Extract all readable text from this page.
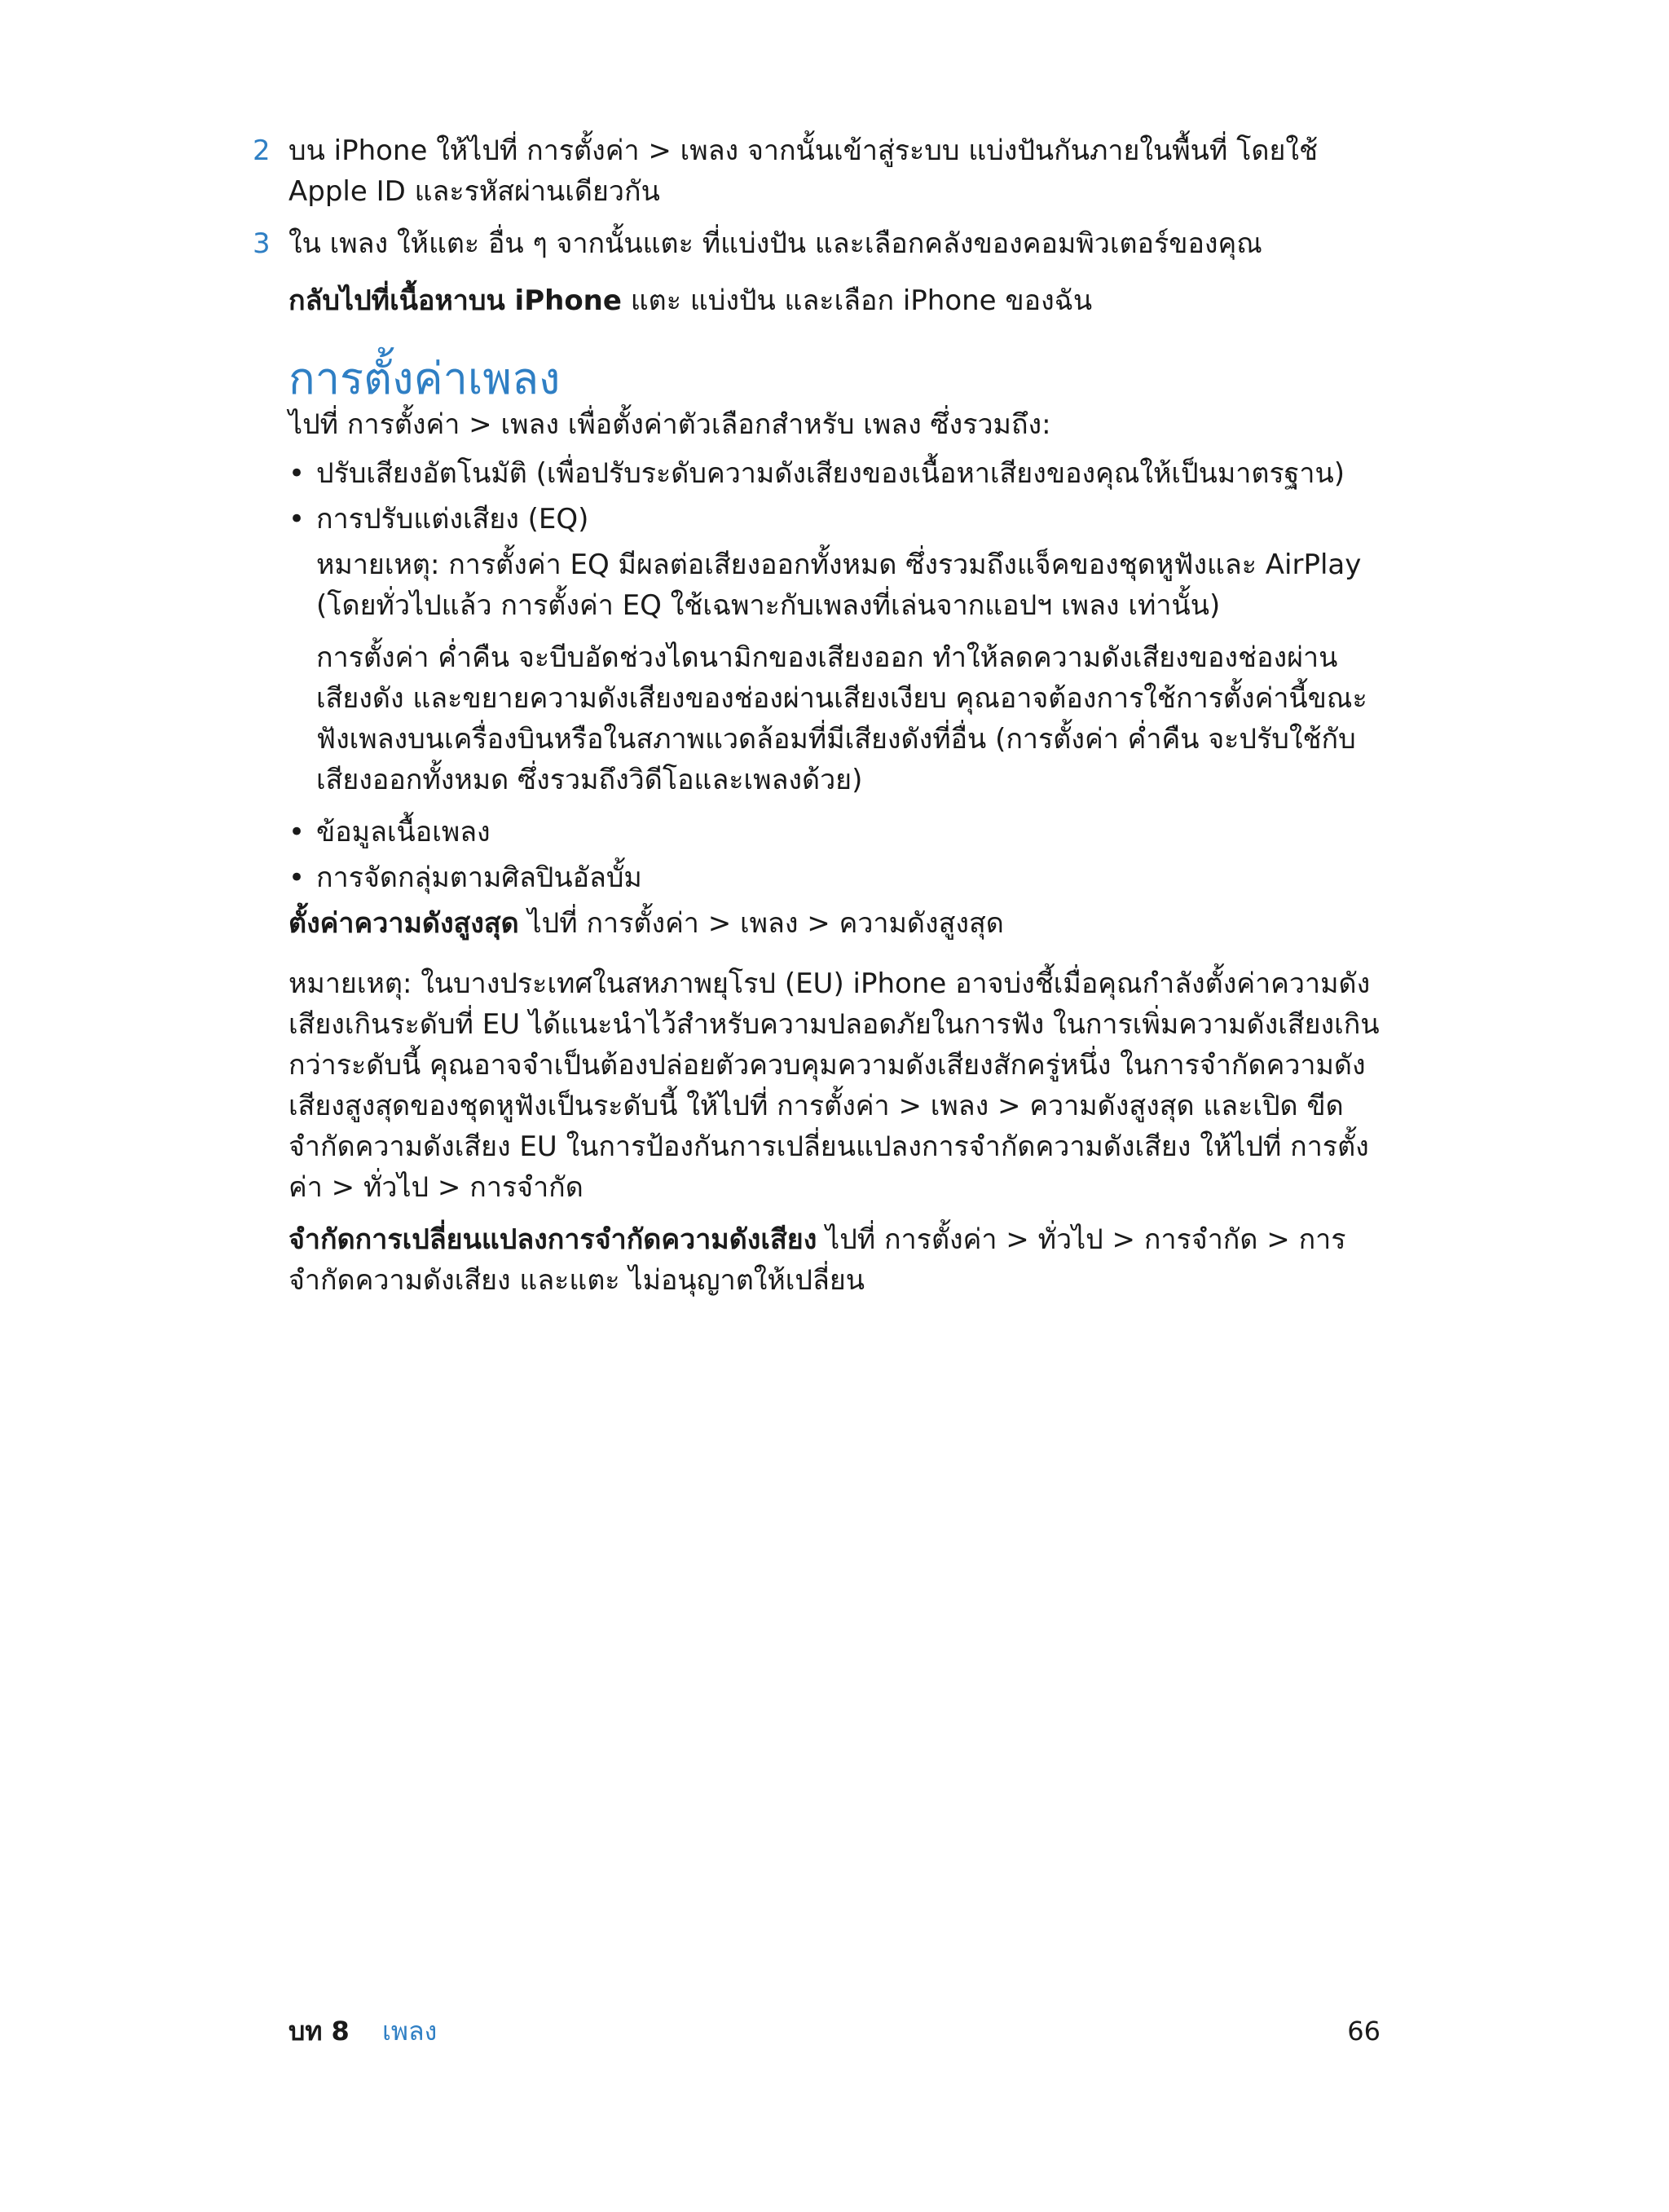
2 บน iPhone ให้ไปที่ การตั้งค่า > เพลง จากนั้นเข้าสู่ระบบ แบ่งปันกันภายในพื้นที่ โดยใช้ Apple ID และรหัสผ่านเดียวกัน
3 ใน เพลง ให้แตะ อื่น ๆ จากนั้นแตะ ที่แบ่งปัน และเลือกคลังของคอมพิวเตอร์ของคุณ
กลับไปที่เนื้อหาบน iPhone แตะ แบ่งปัน และเลือก iPhone ของฉัน
การตั้งค่าเพลง
ไปที่ การตั้งค่า > เพลง เพื่อตั้งค่าตัวเลือกสำหรับ เพลง ซึ่งรวมถึง:
• ปรับเสียงอัตโนมัติ (เพื่อปรับระดับความดังเสียงของเนื้อหาเสียงของคุณให้เป็นมาตรฐาน)
• การปรับแต่งเสียง (EQ)
หมายเหตุ: การตั้งค่า EQ มีผลต่อเสียงออกทั้งหมด ซึ่งรวมถึงแจ็คของชุดหูฟังและ AirPlay (โดยทั่วไปแล้ว การตั้งค่า EQ ใช้เฉพาะกับเพลงที่เล่นจากแอปฯ เพลง เท่านั้น)
การตั้งค่า ค่ำคืน จะบีบอัดช่วงไดนามิกของเสียงออก ทำให้ลดความดังเสียงของช่องผ่านเสียงดัง และขยายความดังเสียงของช่องผ่านเสียงเงียบ คุณอาจต้องการใช้การตั้งค่านี้ขณะฟังเพลงบนเครื่องบินหรือในสภาพแวดล้อมที่มีเสียงดังที่อื่น (การตั้งค่า ค่ำคืน จะปรับใช้กับเสียงออกทั้งหมด ซึ่งรวมถึงวิดีโอและเพลงด้วย)
• ข้อมูลเนื้อเพลง
• การจัดกลุ่มตามศิลปินอัลบั้ม
ตั้งค่าความดังสูงสุด ไปที่ การตั้งค่า > เพลง > ความดังสูงสุด
หมายเหตุ: ในบางประเทศในสหภาพยุโรป (EU) iPhone อาจบ่งชี้เมื่อคุณกำลังตั้งค่าความดังเสียงเกินระดับที่ EU ได้แนะนำไว้สำหรับความปลอดภัยในการฟัง ในการเพิ่มความดังเสียงเกินกว่าระดับนี้ คุณอาจจำเป็นต้องปล่อยตัวควบคุมความดังเสียงสักครู่หนึ่ง ในการจำกัดความดังเสียงสูงสุดของชุดหูฟังเป็นระดับนี้ ให้ไปที่ การตั้งค่า > เพลง > ความดังสูงสุด และเปิด ขีดจำกัดความดังเสียง EU ในการป้องกันการเปลี่ยนแปลงการจำกัดความดังเสียง ให้ไปที่ การตั้งค่า > ทั่วไป > การจำกัด
จำกัดการเปลี่ยนแปลงการจำกัดความดังเสียง ไปที่ การตั้งค่า > ทั่วไป > การจำกัด > การจำกัดความดังเสียง และแตะ ไม่อนุญาตให้เปลี่ยน
บท 8 เพลง	66
